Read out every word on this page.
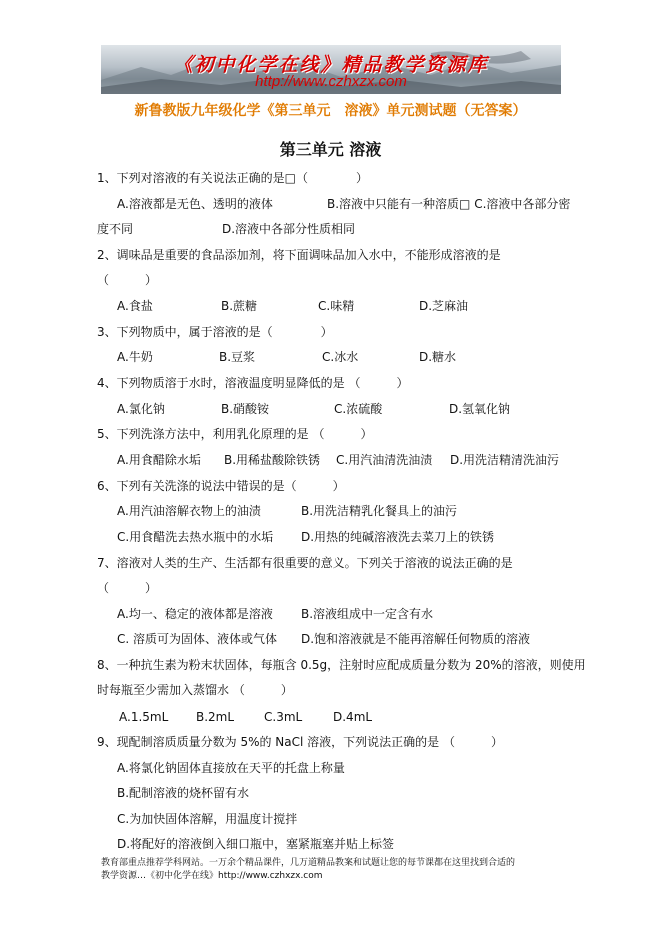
《初中化学在线》精品教学资源库
http://www.czhxzx.com
新鲁教版九年级化学《第三单元　溶液》单元测试题（无答案）
第三单元 溶液
1、下列对溶液的有关说法正确的是□（　　　　）
A.溶液都是无色、透明的液体	B.溶液中只能有一种溶质□ C.溶液中各部分密
度不同	D.溶液中各部分性质相同
2、调味品是重要的食品添加剂，将下面调味品加入水中，不能形成溶液的是
（　　　）
A.食盐	B.蔗糖	C.味精	D.芝麻油
3、下列物质中，属于溶液的是（　　　　）
A.牛奶	B.豆浆	C.冰水	D.糖水
4、下列物质溶于水时，溶液温度明显降低的是 （　　　）
A.氯化钠	B.硝酸铵	C.浓硫酸	D.氢氧化钠
5、下列洗涤方法中，利用乳化原理的是 （　　　）
A.用食醋除水垢 B.用稀盐酸除铁锈 C.用汽油清洗油渍 D.用洗洁精清洗油污
6、下列有关洗涤的说法中错误的是（　　　）
A.用汽油溶解衣物上的油渍	B.用洗洁精乳化餐具上的油污
C.用食醋洗去热水瓶中的水垢 D.用热的纯碱溶液洗去菜刀上的铁锈
7、溶液对人类的生产、生活都有很重要的意义。下列关于溶液的说法正确的是
（　　　）
A.均一、稳定的液体都是溶液 B.溶液组成中一定含有水
C. 溶质可为固体、液体或气体 D.饱和溶液就是不能再溶解任何物质的溶液
8、一种抗生素为粉末状固体，每瓶含 0.5g，注射时应配成质量分数为 20%的溶液，则使用
时每瓶至少需加入蒸馏水 （　　　）
A.1.5mL B.2mL C.3mL	D.4mL
9、现配制溶质质量分数为 5%的 NaCl 溶液，下列说法正确的是 （　　　）
A.将氯化钠固体直接放在天平的托盘上称量
B.配制溶液的烧杯留有水
C.为加快固体溶解，用温度计搅拌
D.将配好的溶液倒入细口瓶中，塞紧瓶塞并贴上标签
教育部重点推荐学科网站。一万余个精品课件，几万道精品教案和试题让您的每节课都在这里找到合适的
教学资源…《初中化学在线》http://www.czhxzx.com
